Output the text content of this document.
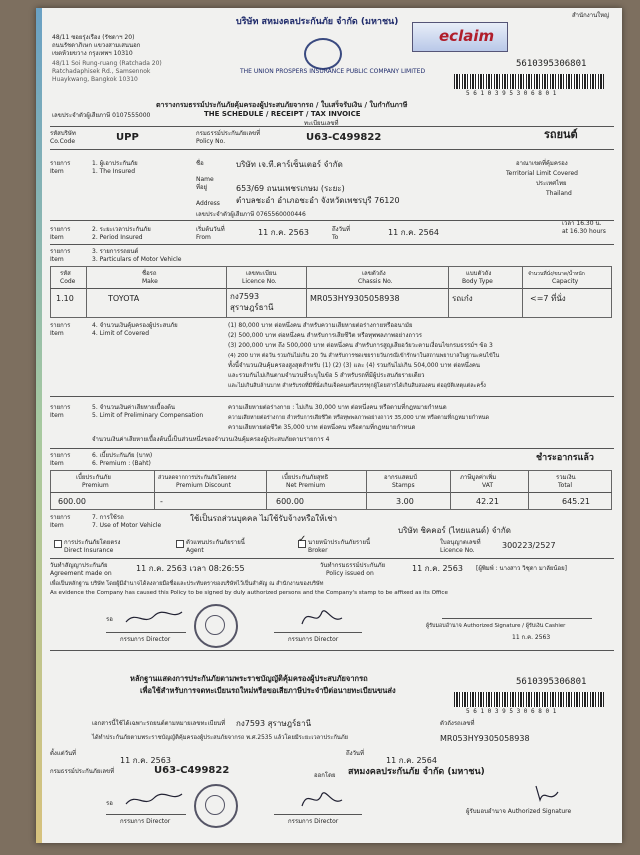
48/11 ซอยรุ่งเรือง (รัชดาฯ 20)
ถนนรัชดาภิเษก แขวงสามเสนนอก
เขตห้วยขวาง กรุงเทพฯ 10310
48/11 Soi Rung-ruang (Ratchada 20)
Ratchadaphisek Rd., Samsennok
Huaykwang, Bangkok 10310
บริษัท สหมงคลประกันภัย จำกัด (มหาชน)
THE UNION PROSPERS INSURANCE PUBLIC COMPANY LIMITED
eclaim
สำนักงานใหญ่
5610395306801
5 6 1 0 3 9 5 3 0 6 8 0 1
เลขประจำตัวผู้เสียภาษี 0107555000
ตารางกรมธรรม์ประกันภัยคุ้มครองผู้ประสบภัยจากรถ / ใบเสร็จรับเงิน / ใบกำกับภาษี
THE SCHEDULE / RECEIPT / TAX INVOICE
ทะเบียนเลขที่
รหัสบริษัท
Co.Code	UPP	กรมธรรม์ประกันภัยเลขที่
Policy No.	U63-C499822	รถยนต์
รายการ
Item
1. ผู้เอาประกันภัย
1. The Insured
ชื่อ
Name
บริษัท เจ.ที.คาร์เซ็นเตอร์ จำกัด
ที่อยู่
Address
653/69 ถนนเพชรเกษม (ระยะ)
ตำบลชะอำ อำเภอชะอำ จังหวัดเพชรบุรี 76120
เลขประจำตัวผู้เสียภาษี 0765560000446
อาณาเขตที่คุ้มครอง
Territorial Limit Covered
ประเทศไทย
Thailand
รายการ
Item
2. ระยะเวลาประกันภัย
2. Period Insured
เริ่มต้นวันที่
From
11 ก.ค. 2563	ถึงวันที่
To
11 ก.ค. 2564
เวลา 16.30 น.
at 16.30 hours
รายการ
Item
3. รายการรถยนต์
3. Particulars of Motor Vehicle
รหัส
Code
ชื่อรถ
Make
เลขทะเบียน
Licence No.
เลขตัวถัง
Chassis No.
แบบตัวถัง
Body Type
จำนวนที่นั่ง/ขนาด/น้ำหนัก
Capacity
1.10	TOYOTA	กง7593
สุราษฎร์ธานี
MR053HY9305058938	รถเก๋ง	<=7 ที่นั่ง
รายการ
Item
4. จำนวนเงินคุ้มครองผู้ประสบภัย
4. Limit of Covered
(1) 80,000 บาท ต่อหนึ่งคน สำหรับความเสียหายต่อร่างกายหรืออนามัย
(2) 500,000 บาท ต่อหนึ่งคน สำหรับการเสียชีวิต หรือทุพพลภาพอย่างถาวร
(3) 200,000 บาท ถึง 500,000 บาท ต่อหนึ่งคน สำหรับการสูญเสียอวัยวะตามเงื่อนไขกรมธรรม์ฯ ข้อ 3
(4) 200 บาท ต่อวัน รวมกันไม่เกิน 20 วัน สำหรับการชดเชยรายวันกรณีเข้ารักษาในสถานพยาบาลในฐานะคนไข้ใน
ทั้งนี้จำนวนเงินคุ้มครองสูงสุดสำหรับ (1) (2) (3) และ (4) รวมกันไม่เกิน 504,000 บาท ต่อหนึ่งคน
และรวมกันไม่เกินตามจำนวนที่ระบุในข้อ 5 สำหรับรถที่มีผู้ประสบภัยรายเดียว
และไม่เกินสิบล้านบาท สำหรับรถที่มีที่นั่งเกินเจ็ดคนหรือบรรทุกผู้โดยสารได้เกินสิบสองคน ต่ออุบัติเหตุแต่ละครั้ง
รายการ
Item
5. จำนวนเงินค่าเสียหายเบื้องต้น
5. Limit of Preliminary Compensation
ความเสียหายต่อร่างกาย : ไม่เกิน 30,000 บาท ต่อหนึ่งคน หรือตามที่กฎหมายกำหนด
ความเสียหายต่อร่างกาย สำหรับการเสียชีวิต หรือทุพพลภาพอย่างถาวร 35,000 บาท หรือตามที่กฎหมายกำหนด
ความเสียหายต่อชีวิต 35,000 บาท ต่อหนึ่งคน หรือตามที่กฎหมายกำหนด
จำนวนเงินค่าเสียหายเบื้องต้นนี้เป็นส่วนหนึ่งของจำนวนเงินคุ้มครองผู้ประสบภัยตามรายการ 4
รายการ
Item
6. เบี้ยประกันภัย (บาท)
6. Premium : (Baht)
ชำระอากรแล้ว
เบี้ยประกันภัย
Premium
ส่วนลดจากการประกันภัยโดยตรง
Premium Discount
เบี้ยประกันภัยสุทธิ
Net Premium
อากรแสตมป์
Stamps
ภาษีมูลค่าเพิ่ม
VAT
รวมเงิน
Total
600.00	-	600.00	3.00	42.21	645.21
รายการ
Item
7. การใช้รถ
7. Use of Motor Vehicle
ใช้เป็นรถส่วนบุคคล ไม่ใช้รับจ้างหรือให้เช่า
บริษัท ชิคคอร์ (ไทยแลนด์) จำกัด
การประกันภัยโดยตรง
Direct Insurance
ตัวแทนประกันภัยรายนี้
Agent
✓ นายหน้าประกันภัยรายนี้
Broker
ใบอนุญาตเลขที่
Licence No.
300223/2527
วันทำสัญญาประกันภัย
Agreement made on
11 ก.ค. 2563 เวลา 08:26:55	วันทำกรมธรรม์ประกันภัย
Policy issued on
11 ก.ค. 2563 [ผู้พิมพ์ : นางสาว วิชุดา มาลัยน้อย]
เพื่อเป็นหลักฐาน บริษัท โดยผู้มีอำนาจได้ลงลายมือชื่อและประทับตราของบริษัทไว้เป็นสำคัญ ณ สำนักงานของบริษัท
As evidence the Company has caused this Policy to be signed by duly authorized persons and the Company's stamp to be affixed as its Office
รอ
กรรมการ Director	กรรมการ Director
ผู้รับมอบอำนาจ Authorized Signature / ผู้รับเงิน Cashier
11 ก.ค. 2563
หลักฐานแสดงการประกันภัยตามพระราชบัญญัติคุ้มครองผู้ประสบภัยจากรถ
เพื่อใช้สำหรับการจดทะเบียนรถใหม่หรือขอเสียภาษีประจำปีต่อนายทะเบียนขนส่ง
5610395306801
5 6 1 0 3 9 5 3 0 6 8 0 1
เอกสารนี้ใช้ได้เฉพาะรถยนต์ตามหมายเลขทะเบียนที่ กง7593 สุราษฎร์ธานี	ตัวถังรถเลขที่
ได้ทำประกันภัยตามพระราชบัญญัติคุ้มครองผู้ประสบภัยจากรถ พ.ศ.2535 แล้วโดยมีระยะเวลาประกันภัย	MR053HY9305058938
ตั้งแต่วันที่
11 ก.ค. 2563
ถึงวันที่
11 ก.ค. 2564
กรมธรรม์ประกันภัยเลขที่	U63-C499822	ออกโดย สหมงคลประกันภัย จำกัด (มหาชน)
รอ
กรรมการ Director	กรรมการ Director
ผู้รับมอบอำนาจ Authorized Signature
